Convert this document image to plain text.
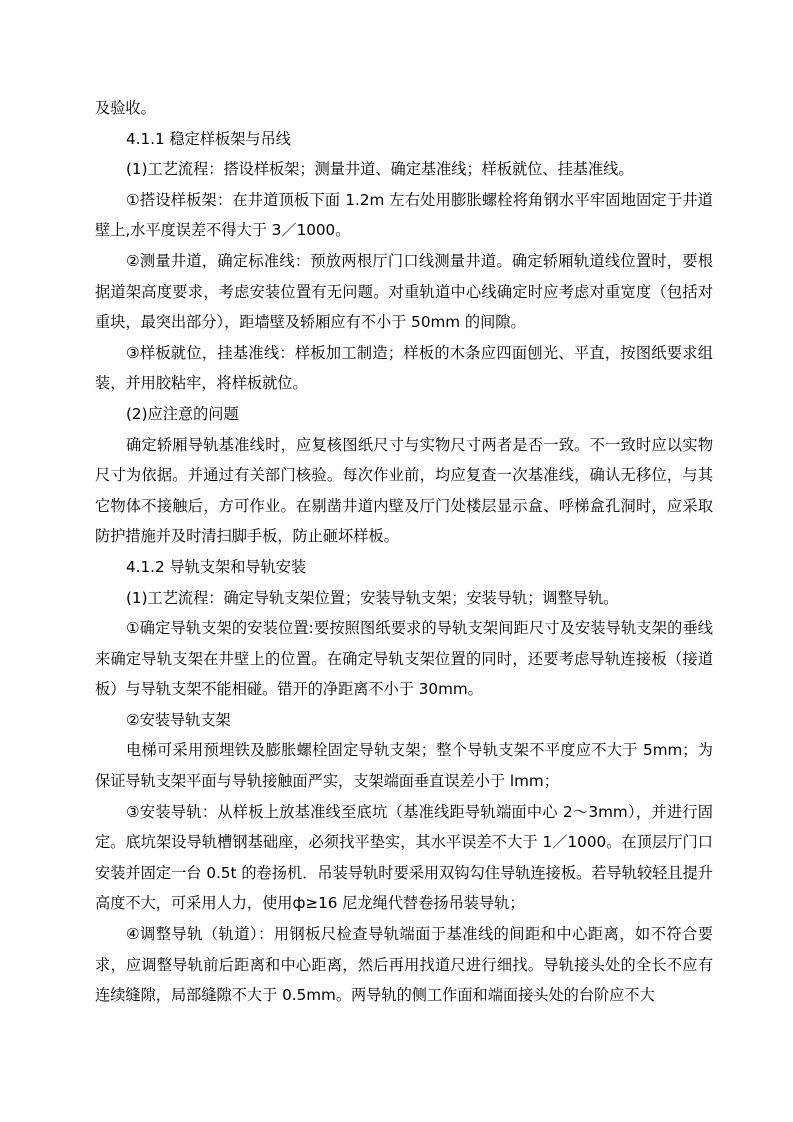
及验收。

4.1.1 稳定样板架与吊线

(1)工艺流程：搭设样板架；测量井道、确定基准线；样板就位、挂基准线。

①搭设样板架：在井道顶板下面 1.2m 左右处用膨胀螺栓将角钢水平牢固地固定于井道壁上,水平度误差不得大于 3／1000。

②测量井道，确定标准线：预放两根厅门口线测量井道。确定轿厢轨道线位置时，要根据道架高度要求，考虑安装位置有无问题。对重轨道中心线确定时应考虑对重宽度（包括对重块，最突出部分），距墙壁及轿厢应有不小于 50mm 的间隙。

③样板就位，挂基准线：样板加工制造；样板的木条应四面刨光、平直，按图纸要求组装，并用胶粘牢，将样板就位。

(2)应注意的问题

确定轿厢导轨基准线时，应复核图纸尺寸与实物尺寸两者是否一致。不一致时应以实物尺寸为依据。并通过有关部门核验。每次作业前，均应复查一次基准线，确认无移位，与其它物体不接触后，方可作业。在剔凿井道内壁及厅门处楼层显示盒、呼梯盒孔洞时，应采取防护措施并及时清扫脚手板，防止砸坏样板。

4.1.2 导轨支架和导轨安装

(1)工艺流程：确定导轨支架位置；安装导轨支架；安装导轨；调整导轨。

①确定导轨支架的安装位置:要按照图纸要求的导轨支架间距尺寸及安装导轨支架的垂线来确定导轨支架在井壁上的位置。在确定导轨支架位置的同时，还要考虑导轨连接板（接道板）与导轨支架不能相碰。错开的净距离不小于 30mm。

②安装导轨支架

电梯可采用预埋铁及膨胀螺栓固定导轨支架；整个导轨支架不平度应不大于 5mm；为保证导轨支架平面与导轨接触面严实，支架端面垂直误差小于 lmm；

③安装导轨：从样板上放基准线至底坑（基准线距导轨端面中心 2～3mm），并进行固定。底坑架设导轨槽钢基础座，必须找平垫实，其水平误差不大于 1／1000。在顶层厅门口安装并固定一台 0.5t 的卷扬机．吊装导轨时要采用双钩勾住导轨连接板。若导轨较轻且提升高度不大，可采用人力，使用ф≥16 尼龙绳代替卷扬吊装导轨；

④调整导轨（轨道）：用钢板尺检查导轨端面于基准线的间距和中心距离，如不符合要求，应调整导轨前后距离和中心距离，然后再用找道尺进行细找。导轨接头处的全长不应有连续缝隙，局部缝隙不大于 0.5mm。两导轨的侧工作面和端面接头处的台阶应不大
